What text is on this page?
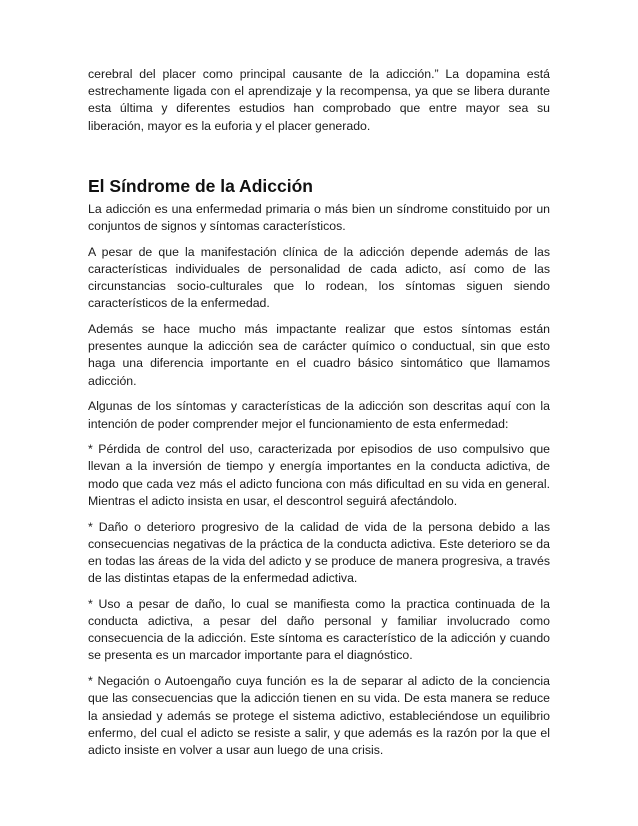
cerebral del placer como principal causante de la adicción.” La dopamina está estrechamente ligada con el aprendizaje y la recompensa, ya que se libera durante esta última y diferentes estudios han comprobado que entre mayor sea su liberación, mayor es la euforia y el placer generado.

El Síndrome de la Adicción

La adicción es una enfermedad primaria o más bien un síndrome constituido por un conjuntos de signos y síntomas característicos.

A pesar de que la manifestación clínica de la adicción depende además de las características individuales de personalidad de cada adicto, así como de las circunstancias socio-culturales que lo rodean, los síntomas siguen siendo característicos de la enfermedad.

Además se hace mucho más impactante realizar que estos síntomas están presentes aunque la adicción sea de carácter químico o conductual, sin que esto haga una diferencia importante en el cuadro básico sintomático que llamamos adicción.

Algunas de los síntomas y características de la adicción son descritas aquí con la intención de poder comprender mejor el funcionamiento de esta enfermedad:

* Pérdida de control del uso, caracterizada por episodios de uso compulsivo que llevan a la inversión de tiempo y energía importantes en la conducta adictiva, de modo que cada vez más el adicto funciona con más dificultad en su vida en general. Mientras el adicto insista en usar, el descontrol seguirá afectándolo.

* Daño o deterioro progresivo de la calidad de vida de la persona debido a las consecuencias negativas de la práctica de la conducta adictiva. Este deterioro se da en todas las áreas de la vida del adicto y se produce de manera progresiva, a través de las distintas etapas de la enfermedad adictiva.

* Uso a pesar de daño, lo cual se manifiesta como la practica continuada de la conducta adictiva, a pesar del daño personal y familiar involucrado como consecuencia de la adicción. Este síntoma es característico de la adicción y cuando se presenta es un marcador importante para el diagnóstico.

* Negación o Autoengaño cuya función es la de separar al adicto de la conciencia que las consecuencias que la adicción tienen en su vida. De esta manera se reduce la ansiedad y además se protege el sistema adictivo, estableciéndose un equilibrio enfermo, del cual el adicto se resiste a salir, y que además es la razón por la que el adicto insiste en volver a usar aun luego de una crisis.
